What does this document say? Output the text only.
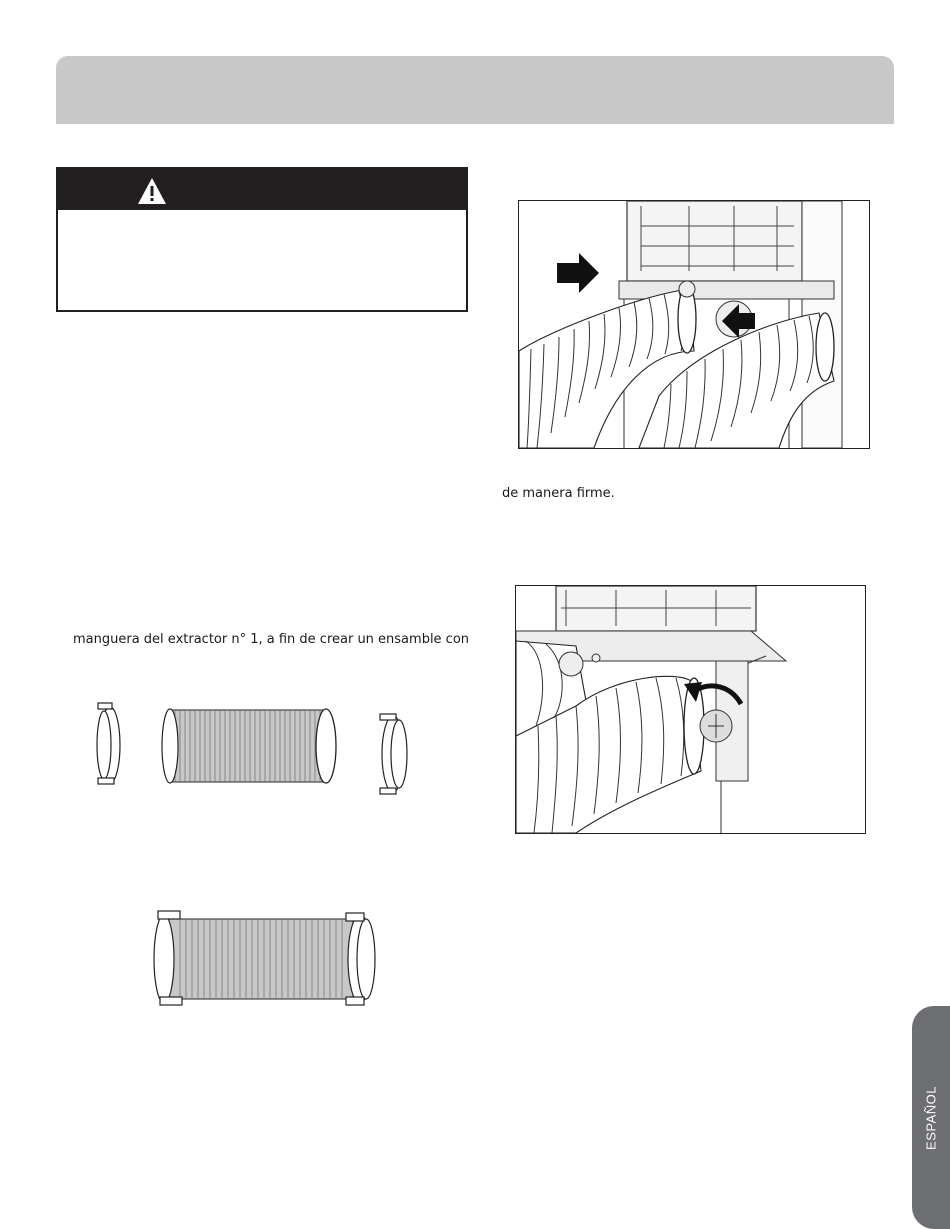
de manera firme.
manguera del extractor n° 1, a fin de crear un ensamble con
ESPAÑOL
